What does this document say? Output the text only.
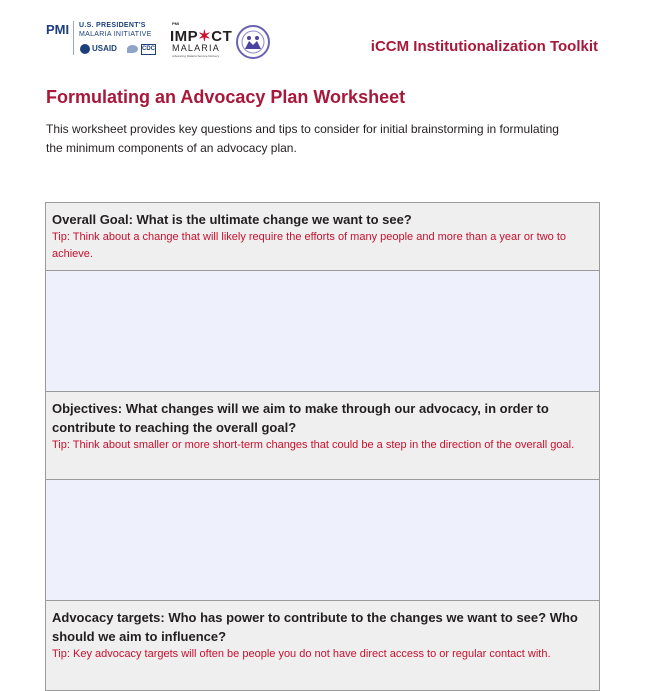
PMI U.S. PRESIDENT'S
MALARIA INITIATIVE
USAID	CDC
PMI
IMP✶CT
MALARIA
Advancing Malaria Service Delivery
iCCM Institutionalization Toolkit
Formulating an Advocacy Plan Worksheet

This worksheet provides key questions and tips to consider for initial brainstorming in formulating the minimum components of an advocacy plan.

Overall Goal: What is the ultimate change we want to see?

Tip: Think about a change that will likely require the efforts of many people and more than a year or two to achieve.

Objectives: What changes will we aim to make through our advocacy, in order to contribute to reaching the overall goal?

Tip: Think about smaller or more short-term changes that could be a step in the direction of the overall goal.

Advocacy targets: Who has power to contribute to the changes we want to see? Who should we aim to influence?

Tip: Key advocacy targets will often be people you do not have direct access to or regular contact with.
